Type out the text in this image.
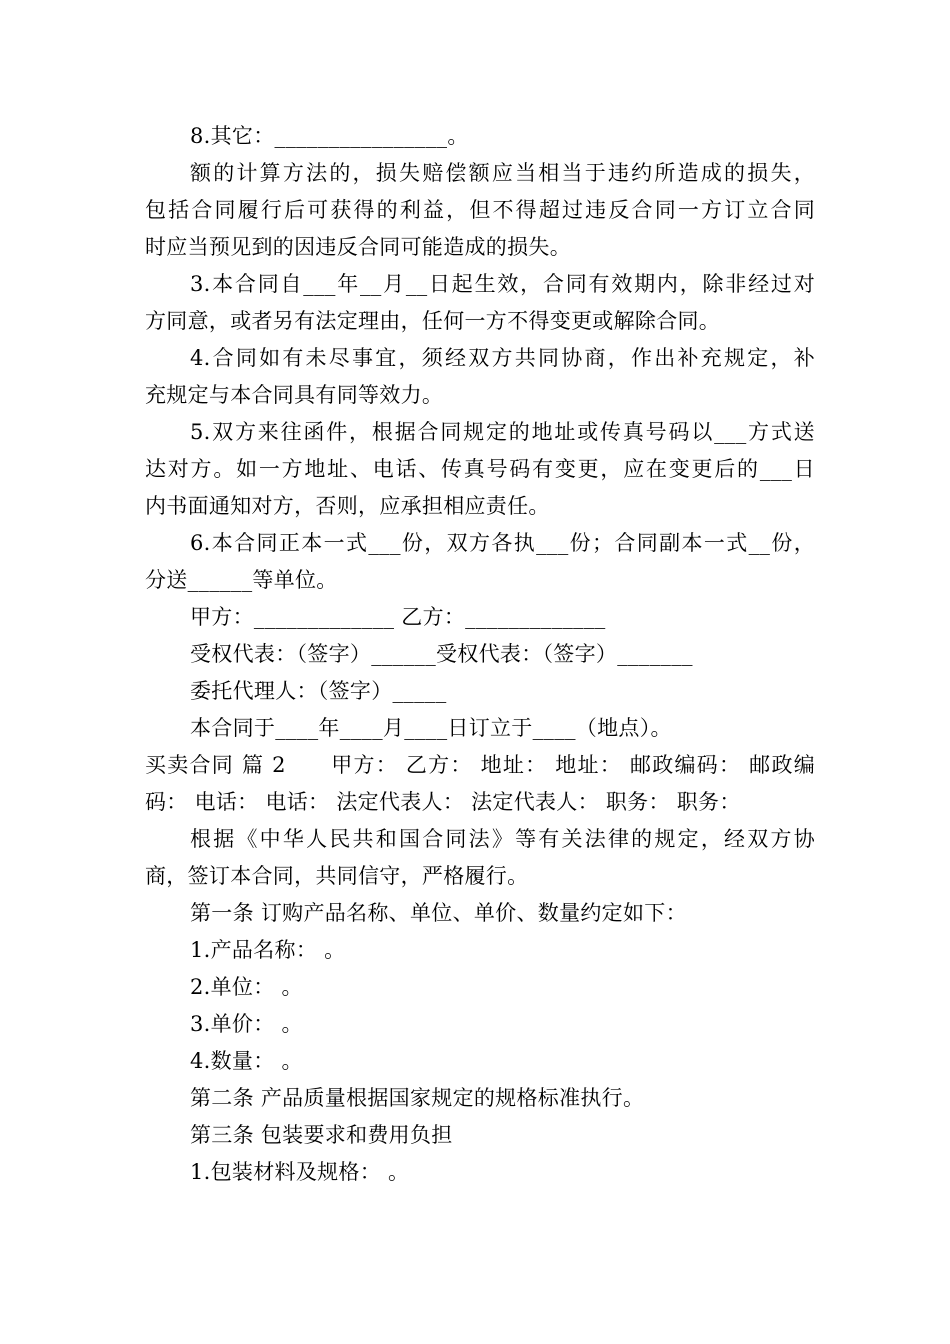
8.其它：________________。
额的计算方法的，损失赔偿额应当相当于违约所造成的损失，
包括合同履行后可获得的利益，但不得超过违反合同一方订立合同
时应当预见到的因违反合同可能造成的损失。
3.本合同自___年__月__日起生效，合同有效期内，除非经过对
方同意，或者另有法定理由，任何一方不得变更或解除合同。
4.合同如有未尽事宜，须经双方共同协商，作出补充规定，补
充规定与本合同具有同等效力。
5.双方来往函件，根据合同规定的地址或传真号码以___方式送
达对方。如一方地址、电话、传真号码有变更，应在变更后的___日
内书面通知对方，否则，应承担相应责任。
6.本合同正本一式___份，双方各执___份；合同副本一式__份，
分送______等单位。
甲方：_____________ 乙方：_____________
受权代表：（签字）______受权代表：（签字）_______
委托代理人：（签字）_____
本合同于____年____月____日订立于____（地点）。
买卖合同 篇 2　　甲方： 乙方： 地址： 地址： 邮政编码： 邮政编
码： 电话： 电话： 法定代表人： 法定代表人： 职务： 职务：
根据《中华人民共和国合同法》等有关法律的规定，经双方协
商，签订本合同，共同信守，严格履行。
第一条 订购产品名称、单位、单价、数量约定如下：
1.产品名称： 。
2.单位： 。
3.单价： 。
4.数量： 。
第二条 产品质量根据国家规定的规格标准执行。
第三条 包装要求和费用负担
1.包装材料及规格： 。
